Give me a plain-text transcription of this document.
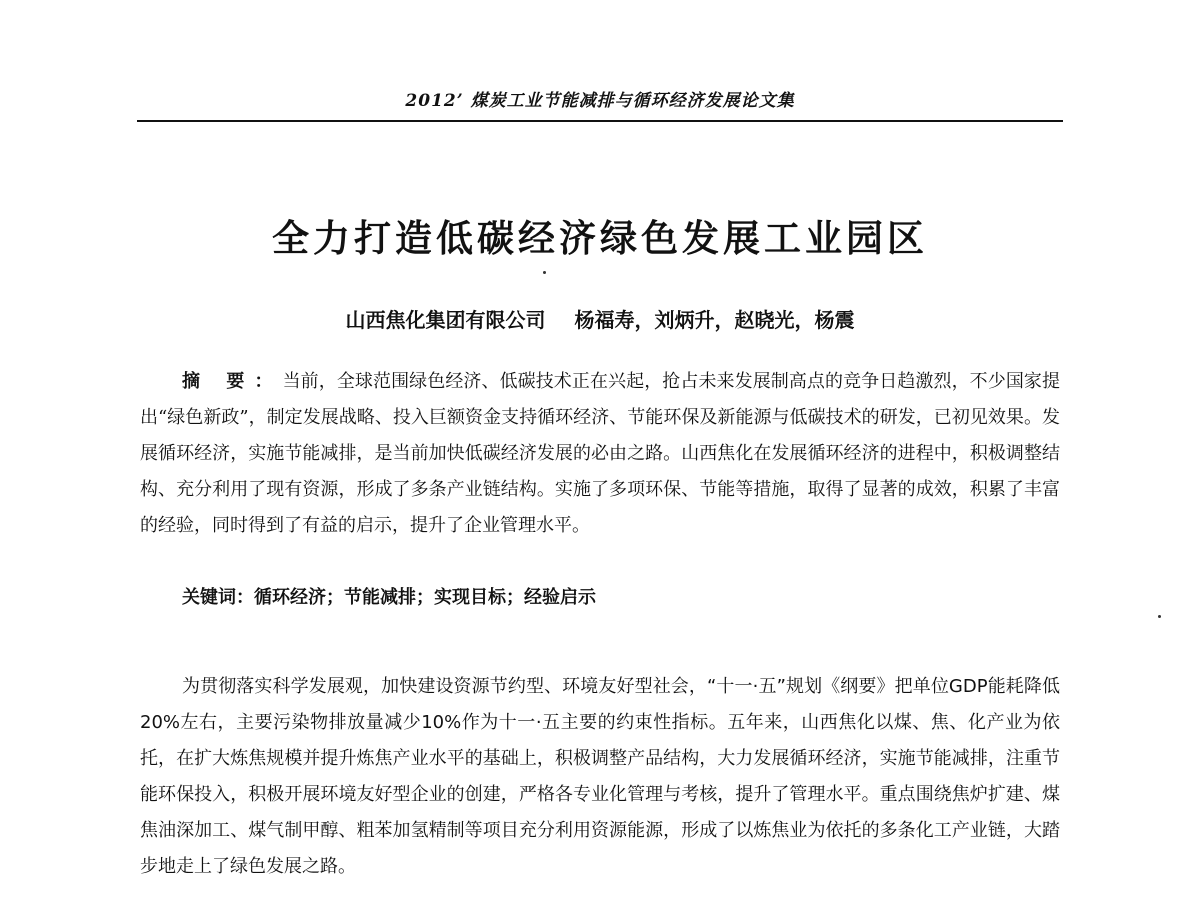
2012’ 煤炭工业节能减排与循环经济发展论文集
全力打造低碳经济绿色发展工业园区
山西焦化集团有限公司 杨福寿，刘炳升，赵晓光，杨震
摘 要：当前，全球范围绿色经济、低碳技术正在兴起，抢占未来发展制高点的竞争日趋激烈，不少国家提出“绿色新政”，制定发展战略、投入巨额资金支持循环经济、节能环保及新能源与低碳技术的研发，已初见效果。发展循环经济，实施节能减排，是当前加快低碳经济发展的必由之路。山西焦化在发展循环经济的进程中，积极调整结构、充分利用了现有资源，形成了多条产业链结构。实施了多项环保、节能等措施，取得了显著的成效，积累了丰富的经验，同时得到了有益的启示，提升了企业管理水平。
关键词：循环经济；节能减排；实现目标；经验启示
为贯彻落实科学发展观，加快建设资源节约型、环境友好型社会，“十一·五”规划《纲要》把单位GDP能耗降低20%左右，主要污染物排放量减少10%作为十一·五主要的约束性指标。五年来，山西焦化以煤、焦、化产业为依托，在扩大炼焦规模并提升炼焦产业水平的基础上，积极调整产品结构，大力发展循环经济，实施节能减排，注重节能环保投入，积极开展环境友好型企业的创建，严格各专业化管理与考核，提升了管理水平。重点围绕焦炉扩建、煤焦油深加工、煤气制甲醇、粗苯加氢精制等项目充分利用资源能源，形成了以炼焦业为依托的多条化工产业链，大踏步地走上了绿色发展之路。
